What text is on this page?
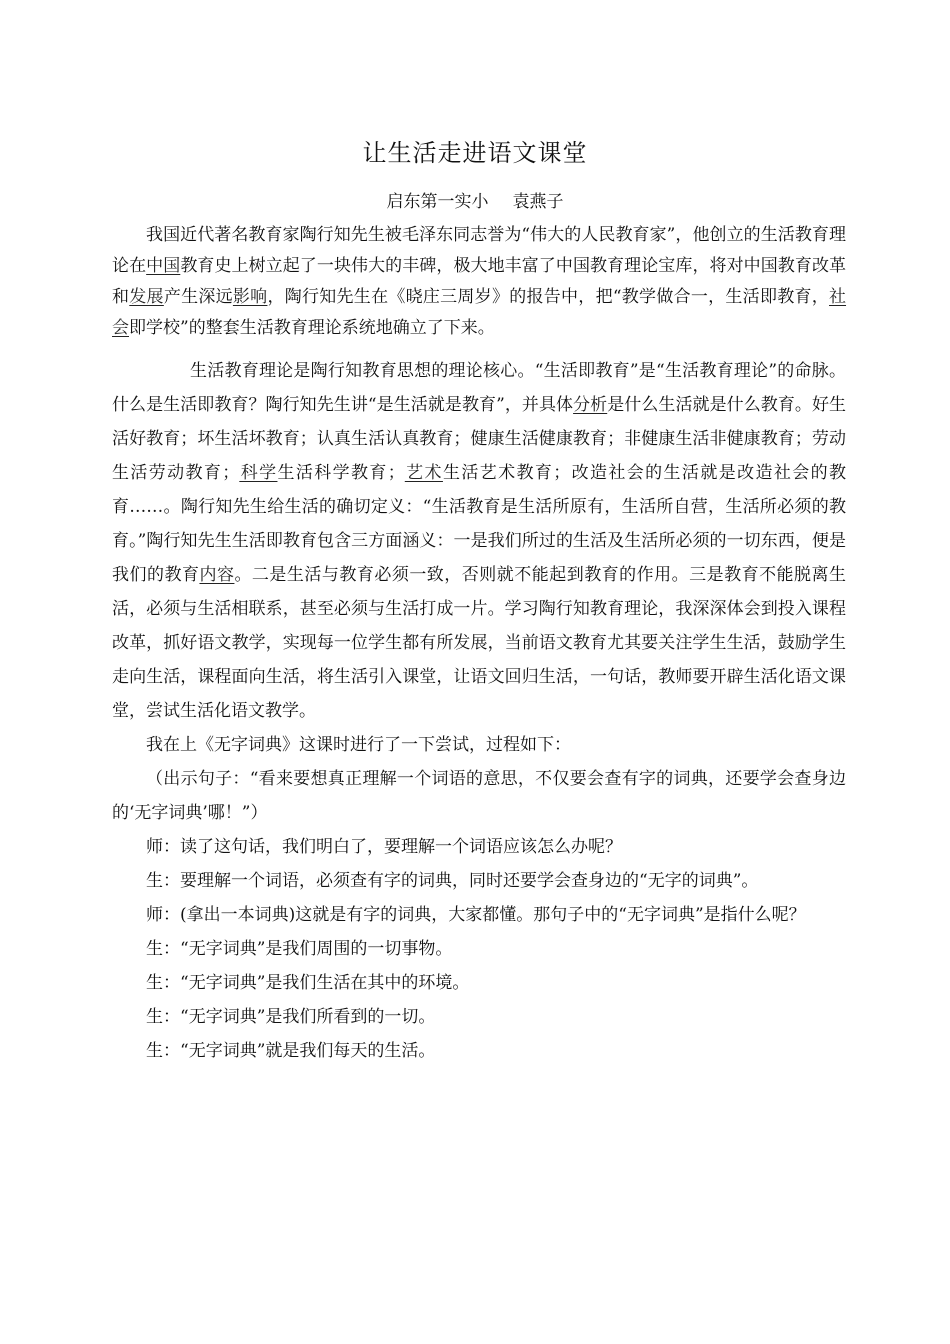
让生活走进语文课堂
启东第一实小 袁燕子

我国近代著名教育家陶行知先生被毛泽东同志誉为“伟大的人民教育家”，他创立的生活教育理论在中国教育史上树立起了一块伟大的丰碑，极大地丰富了中国教育理论宝库，将对中国教育改革和发展产生深远影响，陶行知先生在《晓庄三周岁》的报告中，把“教学做合一，生活即教育，社会即学校”的整套生活教育理论系统地确立了下来。

生活教育理论是陶行知教育思想的理论核心。“生活即教育”是“生活教育理论”的命脉。什么是生活即教育？陶行知先生讲“是生活就是教育”，并具体分析是什么生活就是什么教育。好生活好教育；坏生活坏教育；认真生活认真教育；健康生活健康教育；非健康生活非健康教育；劳动生活劳动教育；科学生活科学教育；艺术生活艺术教育；改造社会的生活就是改造社会的教育……。陶行知先生给生活的确切定义：“生活教育是生活所原有，生活所自营，生活所必须的教育。”陶行知先生生活即教育包含三方面涵义：一是我们所过的生活及生活所必须的一切东西，便是我们的教育内容。二是生活与教育必须一致，否则就不能起到教育的作用。三是教育不能脱离生活，必须与生活相联系，甚至必须与生活打成一片。学习陶行知教育理论，我深深体会到投入课程改革，抓好语文教学，实现每一位学生都有所发展，当前语文教育尤其要关注学生生活，鼓励学生走向生活，课程面向生活，将生活引入课堂，让语文回归生活，一句话，教师要开辟生活化语文课堂，尝试生活化语文教学。

我在上《无字词典》这课时进行了一下尝试，过程如下：

（出示句子：“看来要想真正理解一个词语的意思，不仅要会查有字的词典，还要学会查身边的‘无字词典’哪！”）

师：读了这句话，我们明白了，要理解一个词语应该怎么办呢？

生：要理解一个词语，必须查有字的词典，同时还要学会查身边的“无字的词典”。

师：(拿出一本词典)这就是有字的词典，大家都懂。那句子中的“无字词典”是指什么呢？

生：“无字词典”是我们周围的一切事物。

生：“无字词典”是我们生活在其中的环境。

生：“无字词典”是我们所看到的一切。

生：“无字词典”就是我们每天的生活。
